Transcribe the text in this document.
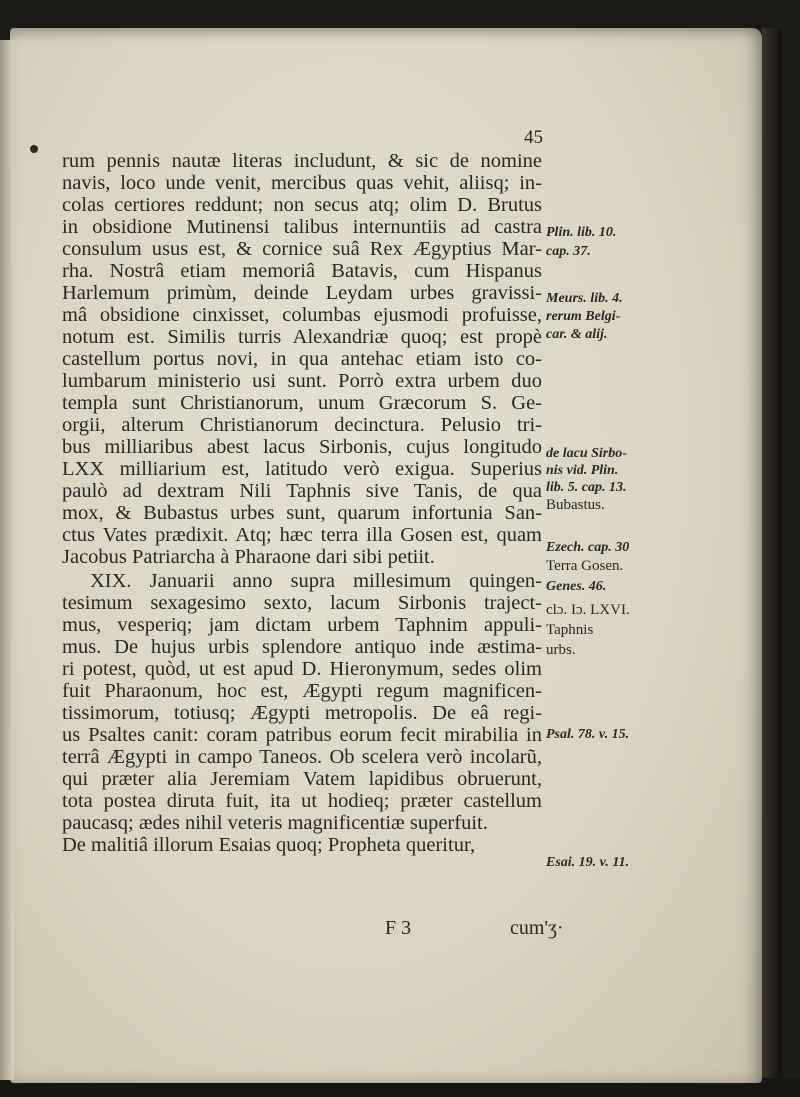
45
rum pennis nautæ literas includunt, & sic de nomine
navis, loco unde venit, mercibus quas vehit, aliisq; in-
colas certiores reddunt; non secus atq; olim D. Brutus
in obsidione Mutinensi talibus internuntiis ad castra
consulum usus est, & cornice suâ Rex Ægyptius Mar-
rha. Nostrâ etiam memoriâ Batavis, cum Hispanus
Harlemum primùm, deinde Leydam urbes gravissi-
mâ obsidione cinxisset, columbas ejusmodi profuisse,
notum est. Similis turris Alexandriæ quoq; est propè
castellum portus novi, in qua antehac etiam isto co-
lumbarum ministerio usi sunt. Porrò extra urbem duo
templa sunt Christianorum, unum Græcorum S. Ge-
orgii, alterum Christianorum decinctura. Pelusio tri-
bus milliaribus abest lacus Sirbonis, cujus longitudo
LXX milliarium est, latitudo verò exigua. Superius
paulò ad dextram Nili Taphnis sive Tanis, de qua
mox, & Bubastus urbes sunt, quarum infortunia San-
ctus Vates prædixit. Atq; hæc terra illa Gosen est, quam
Jacobus Patriarcha à Pharaone dari sibi petiit.
XIX. Januarii anno supra millesimum quingen-
tesimum sexagesimo sexto, lacum Sirbonis traject-
mus, vesperiq; jam dictam urbem Taphnim appuli-
mus. De hujus urbis splendore antiquo inde æstima-
ri potest, quòd, ut est apud D. Hieronymum, sedes olim
fuit Pharaonum, hoc est, Ægypti regum magnificen-
tissimorum, totiusq; Ægypti metropolis. De eâ regi-
us Psaltes canit: coram patribus eorum fecit mirabilia in
terrâ Ægypti in campo Taneos. Ob scelera verò incolarũ,
qui præter alia Jeremiam Vatem lapidibus obruerunt,
tota postea diruta fuit, ita ut hodieq; præter castellum
paucasq; ædes nihil veteris magnificentiæ superfuit.
De malitiâ illorum Esaias quoq; Propheta queritur,
Plin. lib. 10.
cap. 37.
Meurs. lib. 4.
rerum Belgi-
car. & alij.
de lacu Sirbo-
nis vid. Plin.
lib. 5. cap. 13.
Bubastus.
Ezech. cap. 30
Terra Gosen.
Genes. 46.
clɔ. Iɔ. LXVI.
Taphnis
urbs.
Psal. 78. v. 15.
Esai. 19. v. 11.
F 3	cum'ʒ·
